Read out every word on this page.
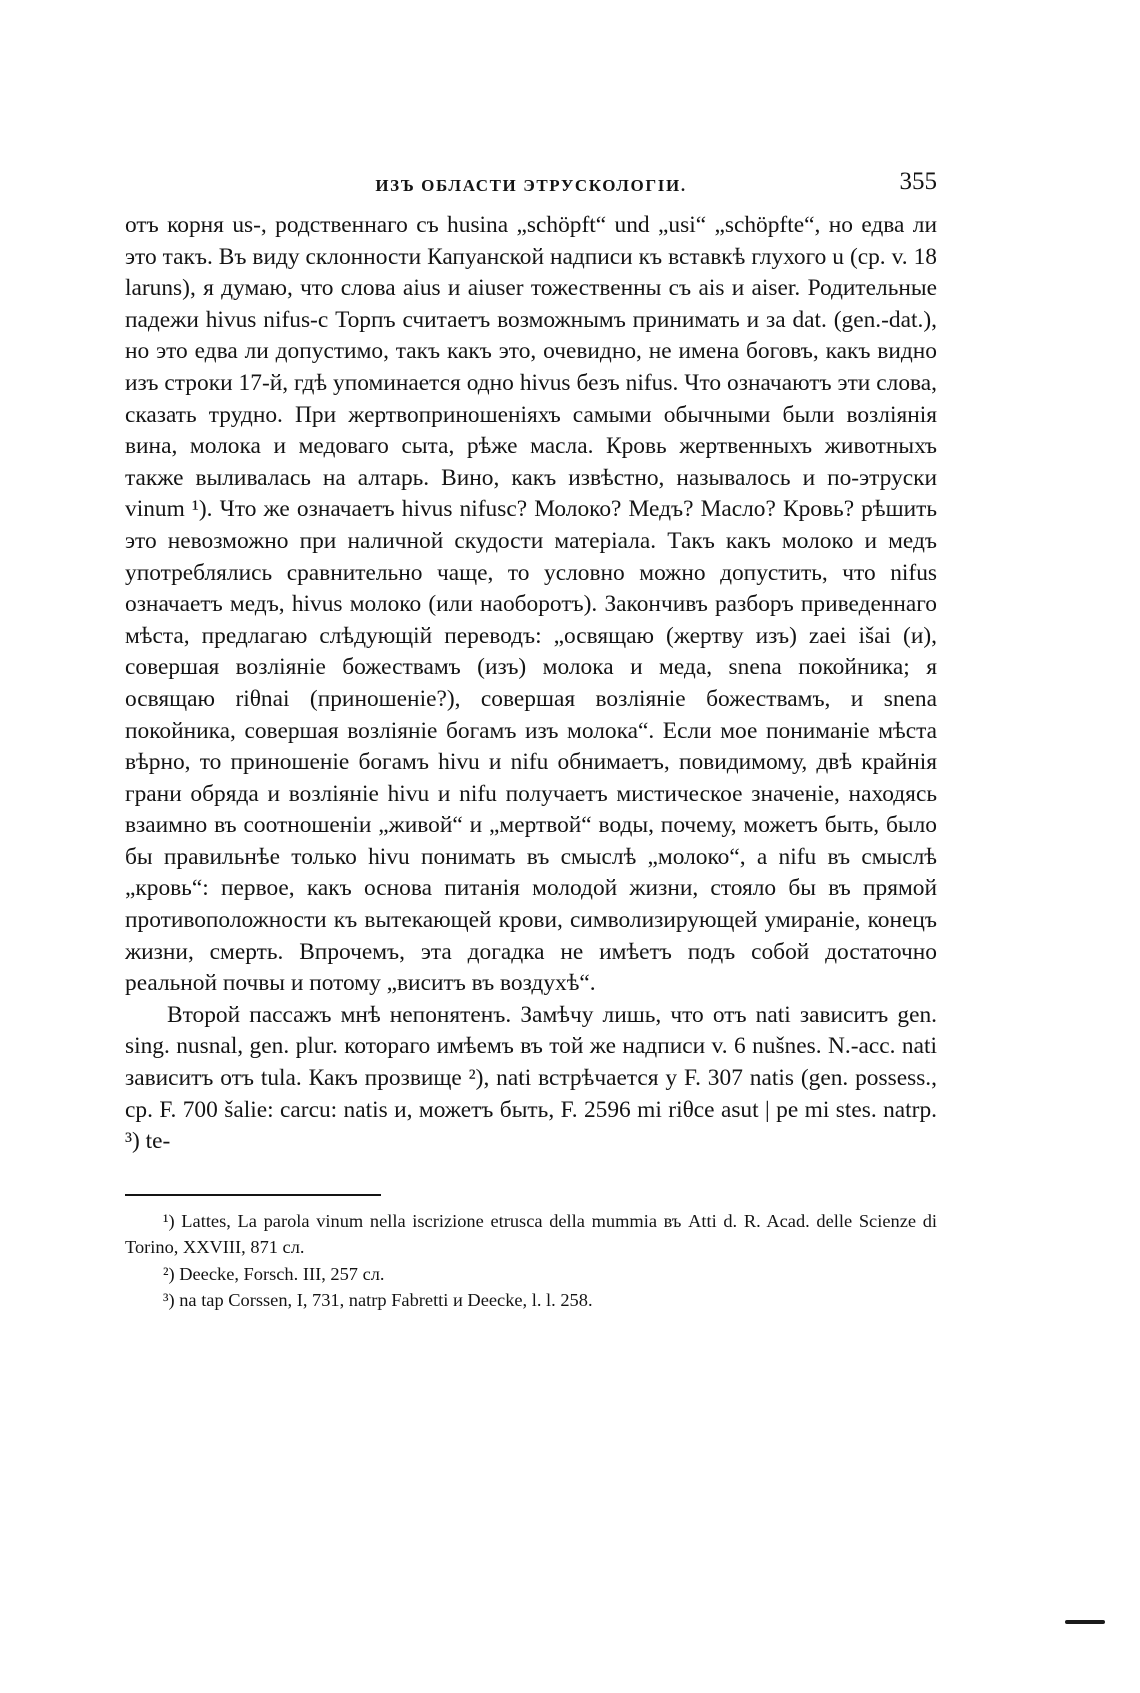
ИЗЪ ОБЛАСТИ ЭТРУСКОЛОГІИ.	355

отъ корня us-, родственнаго съ husina „schöpft“ und „usi“ „schöpfte“, но едва ли это такъ. Въ виду склонности Капуанской надписи къ вставкѣ глухого u (ср. v. 18 laruns), я думаю, что слова aius и aiuser тожественны съ ais и aiser. Родительные падежи hivus nifus-c Торпъ считаетъ возможнымъ принимать и за dat. (gen.-dat.), но это едва ли допустимо, такъ какъ это, очевидно, не имена боговъ, какъ видно изъ строки 17-й, гдѣ упоминается одно hivus безъ nifus. Что означаютъ эти слова, сказать трудно. При жертвоприношеніяхъ самыми обычными были возліянія вина, молока и медоваго сыта, рѣже масла. Кровь жертвенныхъ животныхъ также выливалась на алтарь. Вино, какъ извѣстно, называлось и по-этруски vinum ¹). Что же означаетъ hivus nifusc? Молоко? Медъ? Масло? Кровь? рѣшить это невозможно при наличной скудости матеріала. Такъ какъ молоко и медъ употреблялись сравнительно чаще, то условно можно допустить, что nifus означаетъ медъ, hivus молоко (или наоборотъ). Закончивъ разборъ приведеннаго мѣста, предлагаю слѣдующій переводъ: „освящаю (жертву изъ) zaei išai (и), совершая возліяніе божествамъ (изъ) молока и меда, snena покойника; я освящаю riθnai (приношеніе?), совершая возліяніе божествамъ, и snena покойника, совершая возліяніе богамъ изъ молока“. Если мое пониманіе мѣста вѣрно, то приношеніе богамъ hivu и nifu обнимаетъ, повидимому, двѣ крайнія грани обряда и возліяніе hivu и nifu получаетъ мистическое значеніе, находясь взаимно въ соотношеніи „живой“ и „мертвой“ воды, почему, можетъ быть, было бы правильнѣе только hivu понимать въ смыслѣ „молоко“, а nifu въ смыслѣ „кровь“: первое, какъ основа питанія молодой жизни, стояло бы въ прямой противоположности къ вытекающей крови, символизирующей умираніе, конецъ жизни, смерть. Впрочемъ, эта догадка не имѣетъ подъ собой достаточно реальной почвы и потому „виситъ въ воздухѣ“.

Второй пассажъ мнѣ непонятенъ. Замѣчу лишь, что отъ nati зависитъ gen. sing. nusnal, gen. plur. котораго имѣемъ въ той же надписи v. 6 nušnes. N.-acc. nati зависитъ отъ tula. Какъ прозвище ²), nati встрѣчается у F. 307 natis (gen. possess., ср. F. 700 šalie: carcu: natis и, можетъ быть, F. 2596 mi riθce asut | pe mi stes. natrp. ³) te-

¹) Lattes, La parola vinum nella iscrizione etrusca della mummia въ Atti d. R. Acad. delle Scienze di Torino, XXVIII, 871 сл.

²) Deecke, Forsch. III, 257 сл.

³) na tap Corssen, I, 731, natrp Fabretti и Deecke, l. l. 258.
